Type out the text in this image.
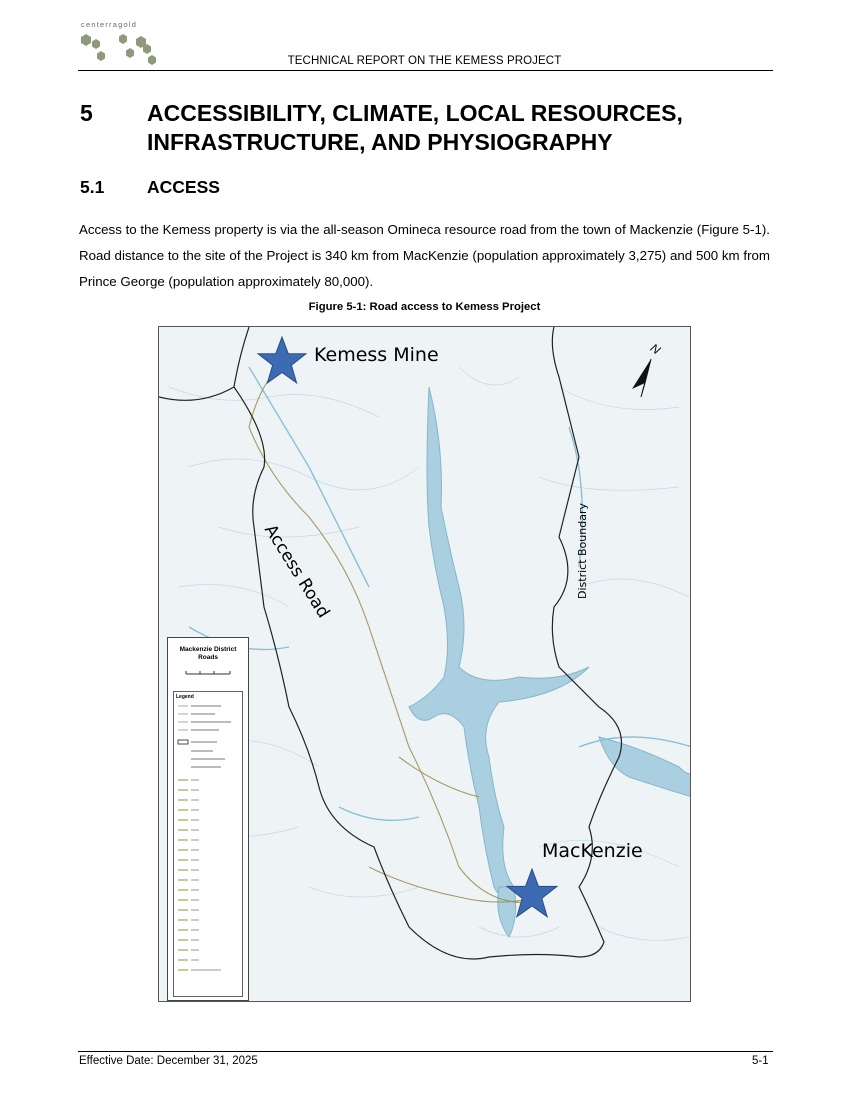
centerragold
TECHNICAL REPORT ON THE KEMESS PROJECT
5 ACCESSIBILITY, CLIMATE, LOCAL RESOURCES, INFRASTRUCTURE, AND PHYSIOGRAPHY
5.1 ACCESS
Access to the Kemess property is via the all-season Omineca resource road from the town of Mackenzie (Figure 5-1). Road distance to the site of the Project is 340 km from MacKenzie (population approximately 3,275) and 500 km from Prince George (population approximately 80,000).
Figure 5-1: Road access to Kemess Project
Kemess Mine
MacKenzie
Access Road	District Boundary
N
Mackenzie District
Roads
Legend
Effective Date: December 31, 2025	5-1
